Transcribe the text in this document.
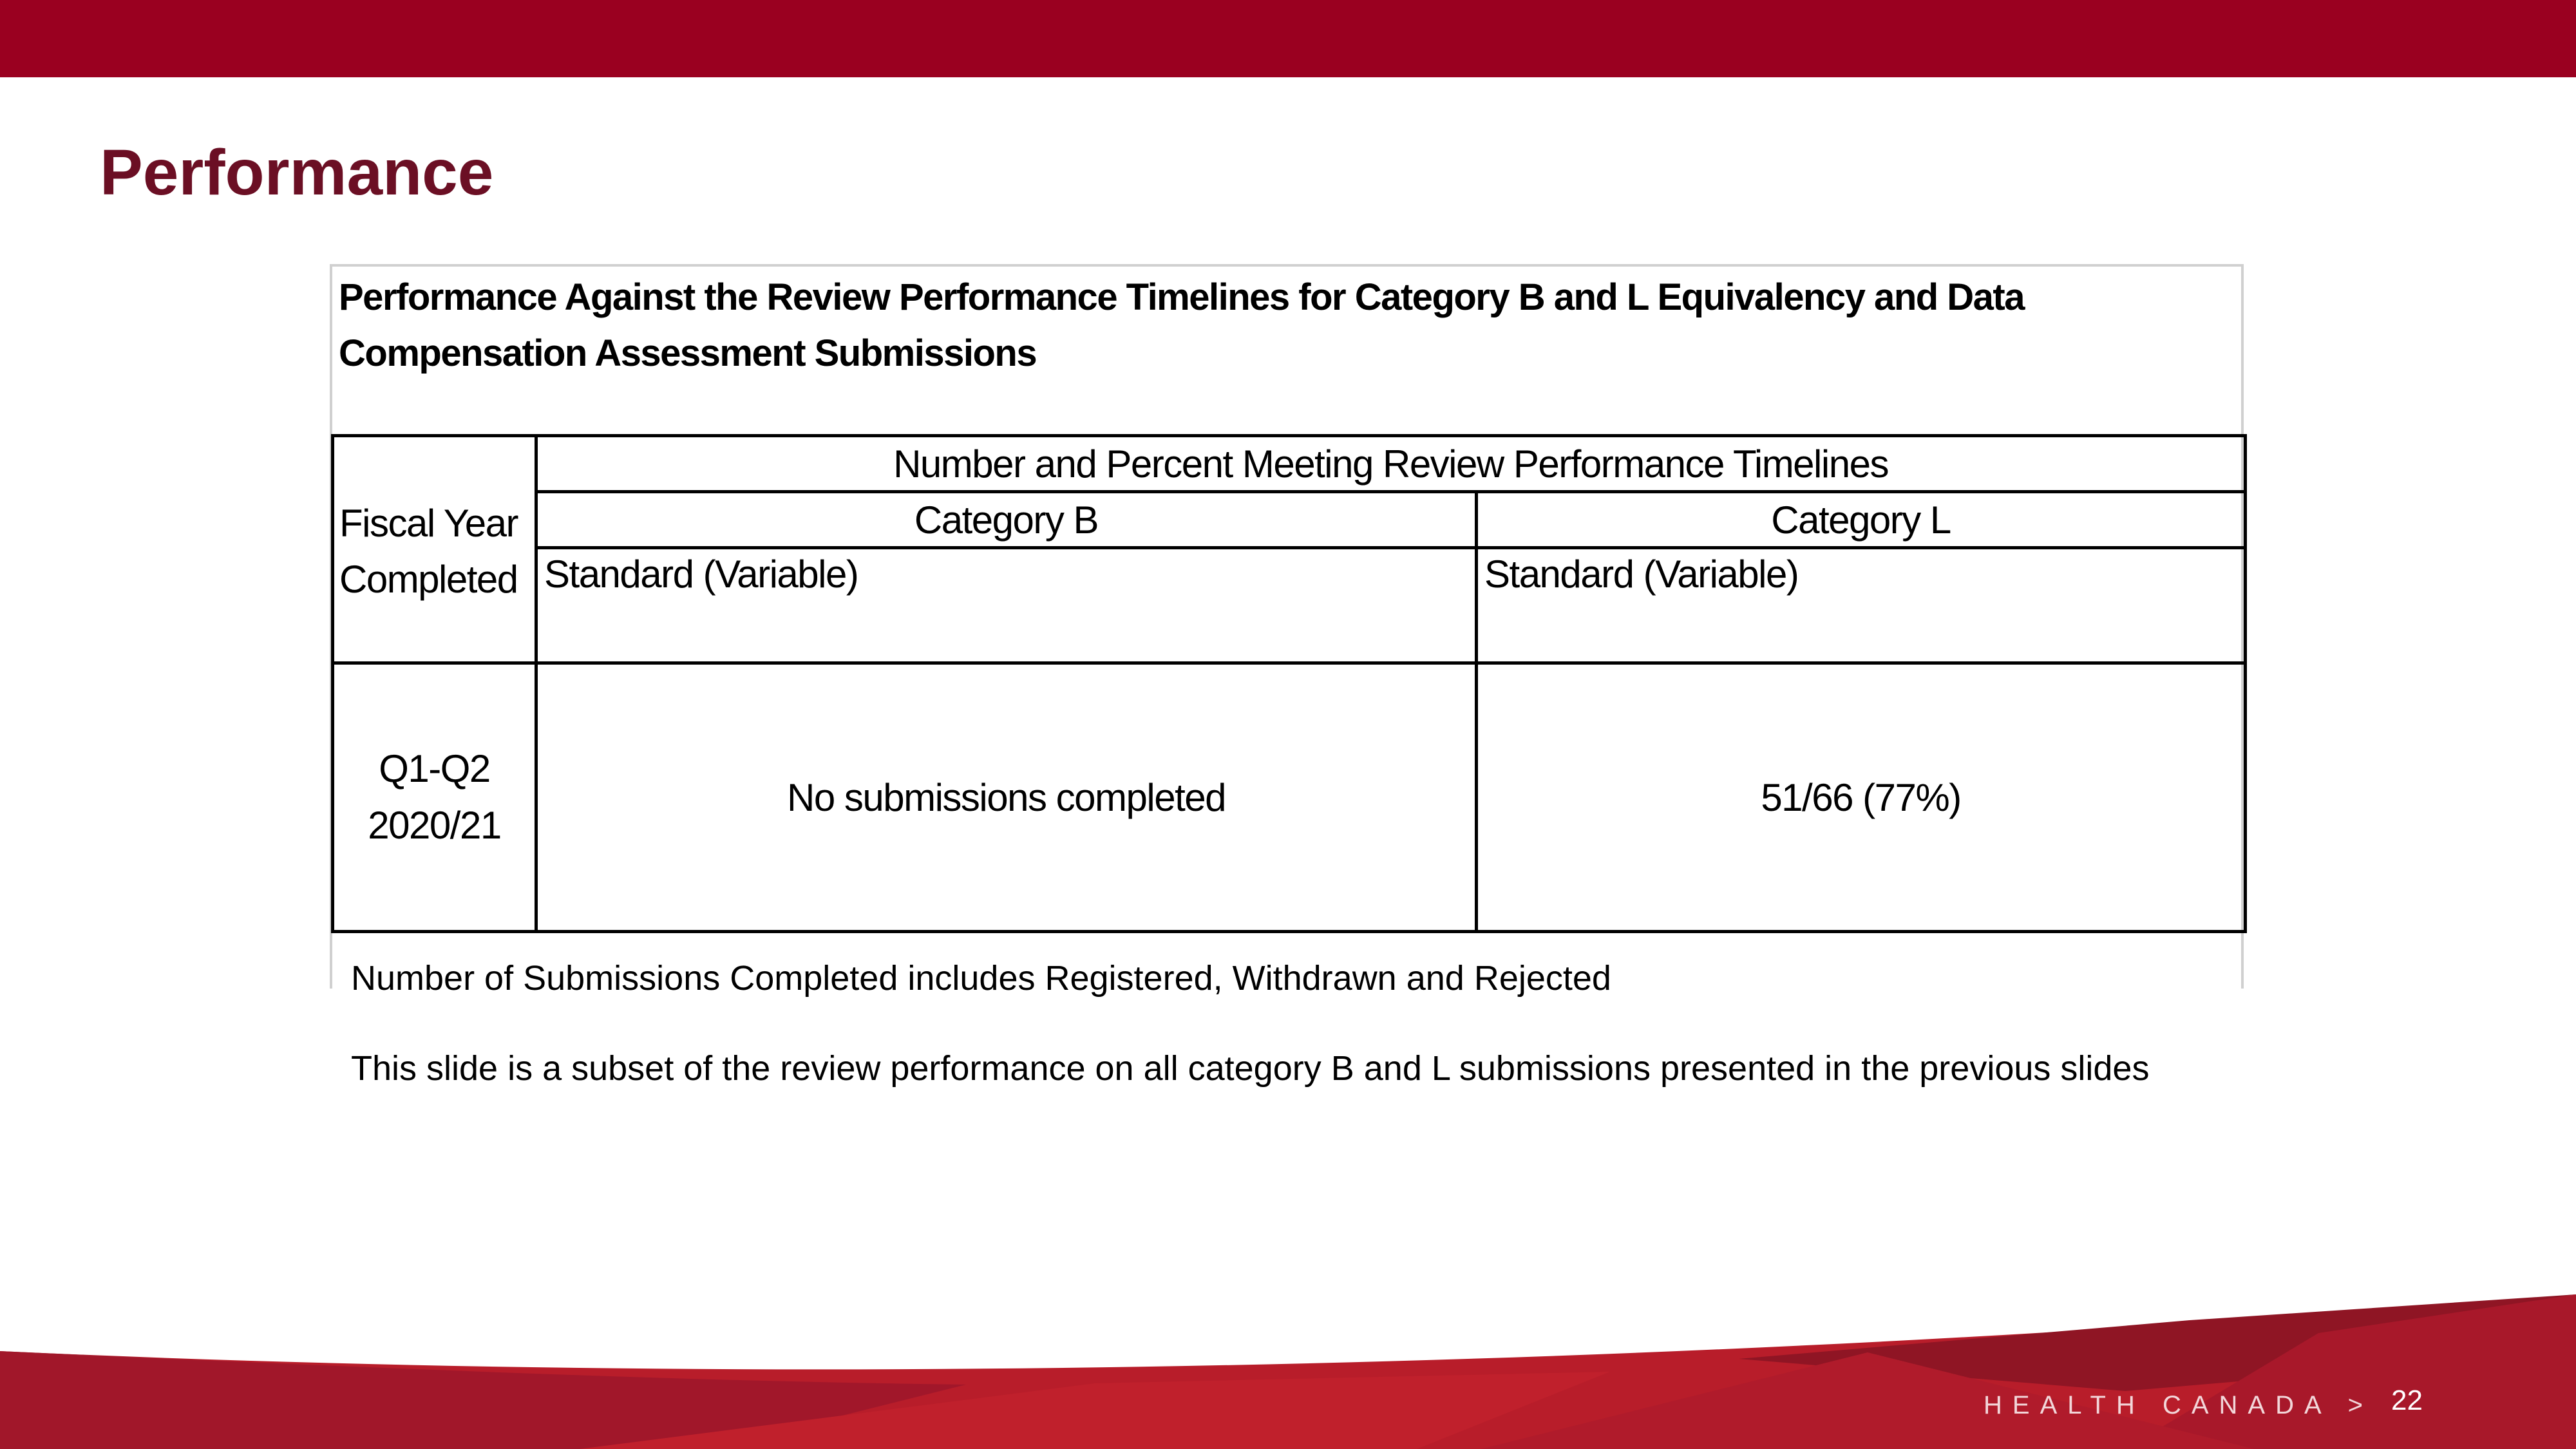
Performance
Performance Against the Review Performance Timelines for Category B and L Equivalency and Data Compensation Assessment Submissions
Fiscal Year
Completed	Number and Percent Meeting Review Performance Timelines	
	Category B	Category L
	Standard (Variable)	Standard (Variable)

Q1-Q2
2020/21	No submissions completed	51/66 (77%)
Number of Submissions Completed includes Registered, Withdrawn and Rejected
This slide is a subset of the review performance on all category B and L submissions presented in the previous slides
HEALTH CANADA > 22
